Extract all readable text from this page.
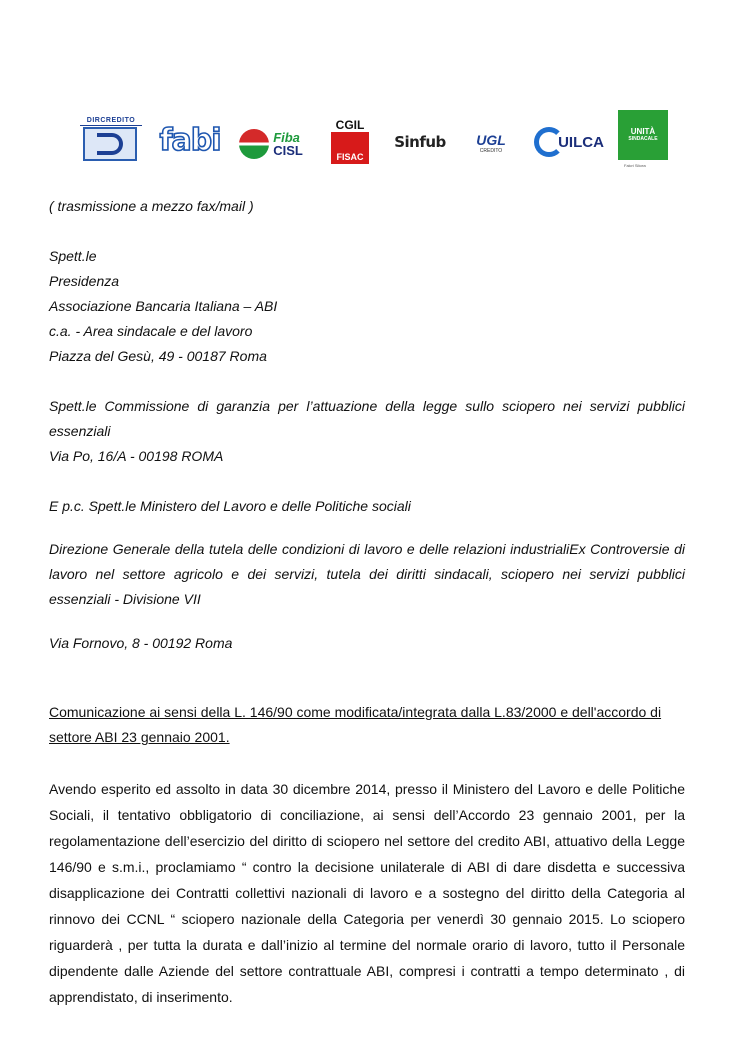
DIRCREDITO
fabi	Fiba
CISL
CGIL
FISAC
Sinfub UGL
CREDITO
UILCA
UNITÀ
SINDACALE
Falcri Silcea
( trasmissione a mezzo fax/mail )
Spett.le
Presidenza
Associazione Bancaria Italiana – ABI
c.a. - Area sindacale e del lavoro
Piazza del Gesù, 49 - 00187 Roma
Spett.le Commissione di garanzia per l’attuazione della legge sullo sciopero nei servizi pubblici essenziali
Via Po, 16/A - 00198 ROMA
E p.c. Spett.le Ministero del Lavoro e delle Politiche sociali
Direzione Generale della tutela delle condizioni di lavoro e delle relazioni industrialiEx Controversie di lavoro nel settore agricolo e dei servizi, tutela dei diritti sindacali, sciopero nei servizi pubblici essenziali - Divisione VII
Via Fornovo, 8 - 00192 Roma
Comunicazione ai sensi della L. 146/90 come modificata/integrata dalla L.83/2000 e dell'accordo di settore ABI 23 gennaio 2001.
Avendo esperito ed assolto in data 30 dicembre 2014, presso il Ministero del Lavoro e delle Politiche Sociali, il tentativo obbligatorio di conciliazione, ai sensi dell’Accordo 23 gennaio 2001, per la regolamentazione dell’esercizio del diritto di sciopero nel settore del credito ABI, attuativo della Legge 146/90 e s.m.i., proclamiamo “ contro la decisione unilaterale di ABI di dare disdetta e successiva disapplicazione dei Contratti collettivi nazionali di lavoro e a sostegno del diritto della Categoria al rinnovo dei CCNL “ sciopero nazionale della Categoria per venerdì 30 gennaio 2015. Lo sciopero riguarderà , per tutta la durata e dall’inizio al termine del normale orario di lavoro, tutto il Personale dipendente dalle Aziende del settore contrattuale ABI, compresi i contratti a tempo determinato , di apprendistato, di inserimento.
